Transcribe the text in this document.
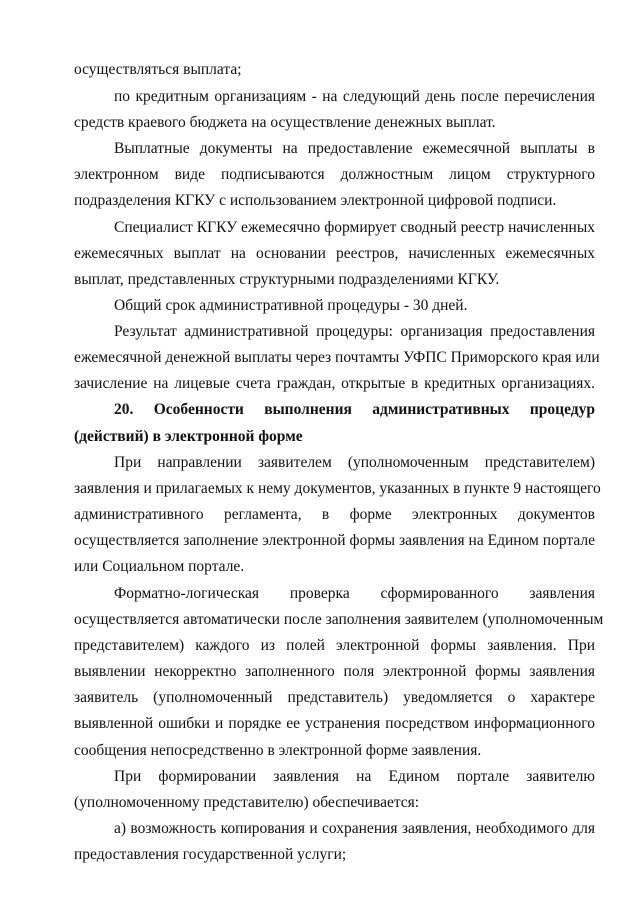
осуществляться выплата;
по кредитным организациям - на следующий день после перечисления
средств краевого бюджета на осуществление денежных выплат.
Выплатные документы на предоставление ежемесячной выплаты в
электронном виде подписываются должностным лицом структурного
подразделения КГКУ с использованием электронной цифровой подписи.
Специалист КГКУ ежемесячно формирует сводный реестр начисленных
ежемесячных выплат на основании реестров, начисленных ежемесячных
выплат, представленных структурными подразделениями КГКУ.
Общий срок административной процедуры - 30 дней.
Результат административной процедуры: организация предоставления
ежемесячной денежной выплаты через почтамты УФПС Приморского края или
зачисление на лицевые счета граждан, открытые в кредитных организациях.
20. Особенности выполнения административных процедур
(действий) в электронной форме
При направлении заявителем (уполномоченным представителем)
заявления и прилагаемых к нему документов, указанных в пункте 9 настоящего
административного регламента, в форме электронных документов
осуществляется заполнение электронной формы заявления на Едином портале
или Социальном портале.
Форматно-логическая проверка сформированного заявления
осуществляется автоматически после заполнения заявителем (уполномоченным
представителем) каждого из полей электронной формы заявления. При
выявлении некорректно заполненного поля электронной формы заявления
заявитель (уполномоченный представитель) уведомляется о характере
выявленной ошибки и порядке ее устранения посредством информационного
сообщения непосредственно в электронной форме заявления.
При формировании заявления на Едином портале заявителю
(уполномоченному представителю) обеспечивается:
а) возможность копирования и сохранения заявления, необходимого для
предоставления государственной услуги;
